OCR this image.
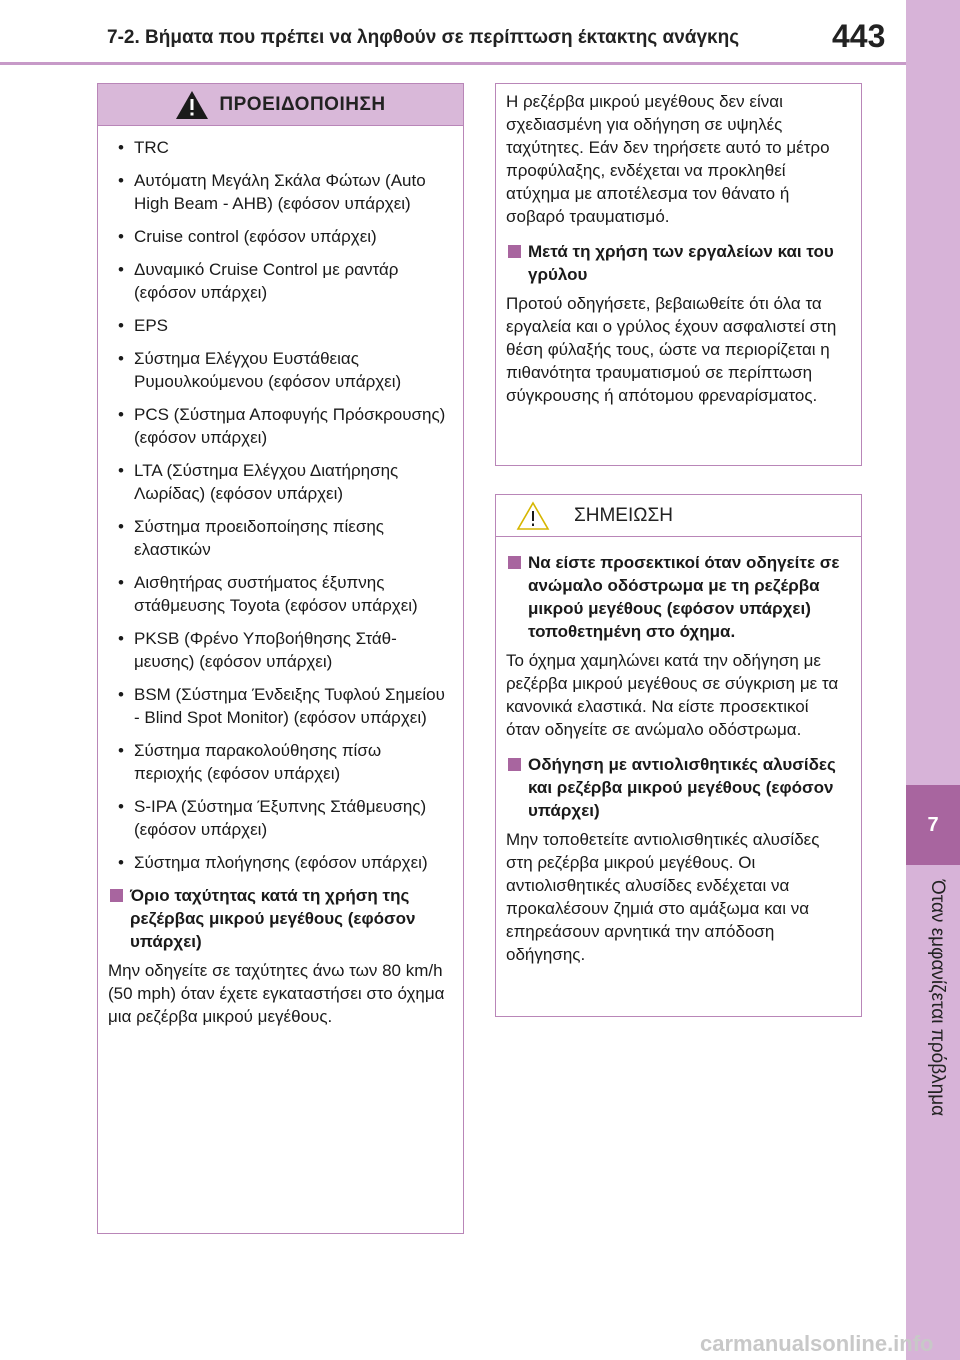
7-2. Βήματα που πρέπει να ληφθούν σε περίπτωση έκτακτης ανάγκης	443
7
Όταν εμφανίζεται πρόβλημα
ΠΡΟΕΙΔΟΠΟΙΗΣΗ
• TRC
• Αυτόματη Μεγάλη Σκάλα Φώτων (Auto High Beam - AHB) (εφόσον υπάρχει)
• Cruise control (εφόσον υπάρχει)
• Δυναμικό Cruise Control με ραντάρ (εφόσον υπάρχει)
• EPS
• Σύστημα Ελέγχου Ευστάθειας Ρυμουλκούμενου (εφόσον υπάρχει)
• PCS (Σύστημα Αποφυγής Πρόσκρουσης) (εφόσον υπάρχει)
• LTA (Σύστημα Ελέγχου Διατήρησης Λωρίδας) (εφόσον υπάρχει)
• Σύστημα προειδοποίησης πίεσης ελαστικών
• Αισθητήρας συστήματος έξυπνης στάθμευσης Toyota (εφόσον υπάρχει)
• PKSB (Φρένο Υποβοήθησης Στάθμευσης) (εφόσον υπάρχει)
• BSM (Σύστημα Ένδειξης Τυφλού Σημείου - Blind Spot Monitor) (εφόσον υπάρχει)
• Σύστημα παρακολούθησης πίσω περιοχής (εφόσον υπάρχει)
• S-IPA (Σύστημα Έξυπνης Στάθμευσης) (εφόσον υπάρχει)
• Σύστημα πλοήγησης (εφόσον υπάρχει)
Όριο ταχύτητας κατά τη χρήση της ρεζέρβας μικρού μεγέθους (εφόσον υπάρχει)
Μην οδηγείτε σε ταχύτητες άνω των 80 km/h (50 mph) όταν έχετε εγκαταστήσει στο όχημα μια ρεζέρβα μικρού μεγέθους.
Η ρεζέρβα μικρού μεγέθους δεν είναι σχεδιασμένη για οδήγηση σε υψηλές ταχύτητες. Εάν δεν τηρήσετε αυτό το μέτρο προφύλαξης, ενδέχεται να προκληθεί ατύχημα με αποτέλεσμα τον θάνατο ή σοβαρό τραυματισμό.
Μετά τη χρήση των εργαλείων και του γρύλου
Προτού οδηγήσετε, βεβαιωθείτε ότι όλα τα εργαλεία και ο γρύλος έχουν ασφαλιστεί στη θέση φύλαξής τους, ώστε να περιορίζεται η πιθανότητα τραυματισμού σε περίπτωση σύγκρουσης ή απότομου φρεναρίσματος.
ΣΗΜΕΙΩΣΗ
Να είστε προσεκτικοί όταν οδηγείτε σε ανώμαλο οδόστρωμα με τη ρεζέρβα μικρού μεγέθους (εφόσον υπάρχει) τοποθετημένη στο όχημα.
Το όχημα χαμηλώνει κατά την οδήγηση με ρεζέρβα μικρού μεγέθους σε σύγκριση με τα κανονικά ελαστικά. Να είστε προσεκτικοί όταν οδηγείτε σε ανώμαλο οδόστρωμα.
Οδήγηση με αντιολισθητικές αλυσίδες και ρεζέρβα μικρού μεγέθους (εφόσον υπάρχει)
Μην τοποθετείτε αντιολισθητικές αλυσίδες στη ρεζέρβα μικρού μεγέθους. Οι αντιολισθητικές αλυσίδες ενδέχεται να προκαλέσουν ζημιά στο αμάξωμα και να επηρεάσουν αρνητικά την απόδοση οδήγησης.
carmanualsonline.info
